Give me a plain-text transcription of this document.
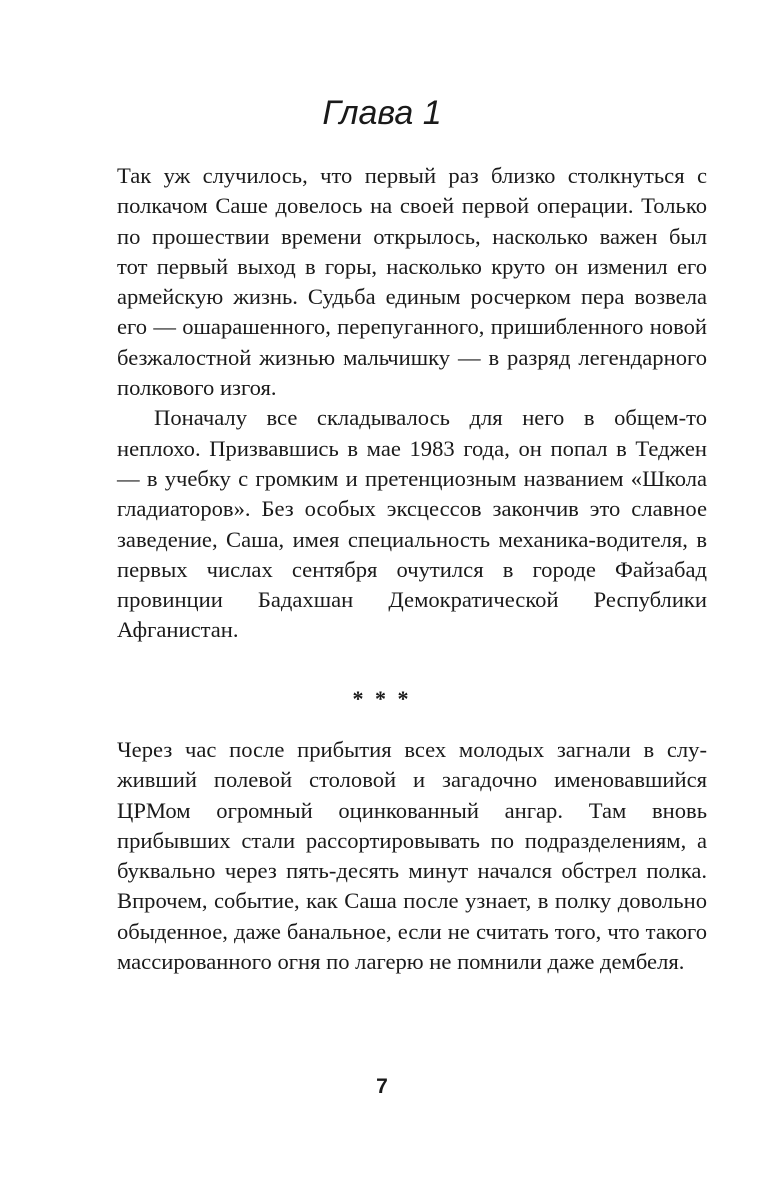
Глава 1

Так уж случилось, что первый раз близко столкнуться с полкачом Саше довелось на своей первой операции. Только по прошествии времени открылось, насколько важен был тот первый выход в горы, насколько круто он изменил его армейскую жизнь. Судьба единым росчерком пера возвела его — ошарашенного, перепуганного, пришибленного новой безжалостной жизнью мальчишку — в разряд легендарного полкового изгоя.

Поначалу все складывалось для него в общем-то неплохо. Призвавшись в мае 1983 года, он попал в Теджен — в учебку с громким и претенциозным названием «Школа гладиаторов». Без особых эксцессов закончив это славное заведение, Саша, имея специальность механика-водителя, в первых числах сентября очутился в городе Файзабад провинции Бадахшан Демократической Республики Афганистан.

* * *

Через час после прибытия всех молодых загнали в служивший полевой столовой и загадочно именовавшийся ЦРМом огромный оцинкованный ангар. Там вновь прибывших стали рассортировывать по подразделениям, а буквально через пять-десять минут начался обстрел полка. Впрочем, событие, как Саша после узнает, в полку довольно обыденное, даже банальное, если не считать того, что такого массированного огня по лагерю не помнили даже дембеля.

7
